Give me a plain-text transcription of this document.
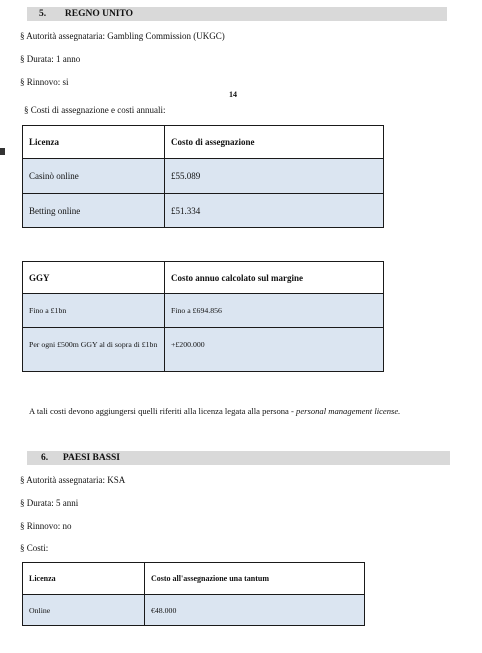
5. REGNO UNITO
§ Autorità assegnataria: Gambling Commission (UKGC)
§ Durata: 1 anno
§ Rinnovo: si
14
§ Costi di assegnazione e costi annuali:
Licenza	Costo di assegnazione
Casinò online	£55.089
Betting online	£51.334
GGY	Costo annuo calcolato sul margine
Fino a £1bn	Fino a £694.856
Per ogni £500m GGY al di sopra di £1bn	+£200.000
A tali costi devono aggiungersi quelli riferiti alla licenza legata alla persona - personal management license.
6. PAESI BASSI
§ Autorità assegnataria: KSA
§ Durata: 5 anni
§ Rinnovo: no
§ Costi:
Licenza	Costo all'assegnazione una tantum
Online	€48.000
